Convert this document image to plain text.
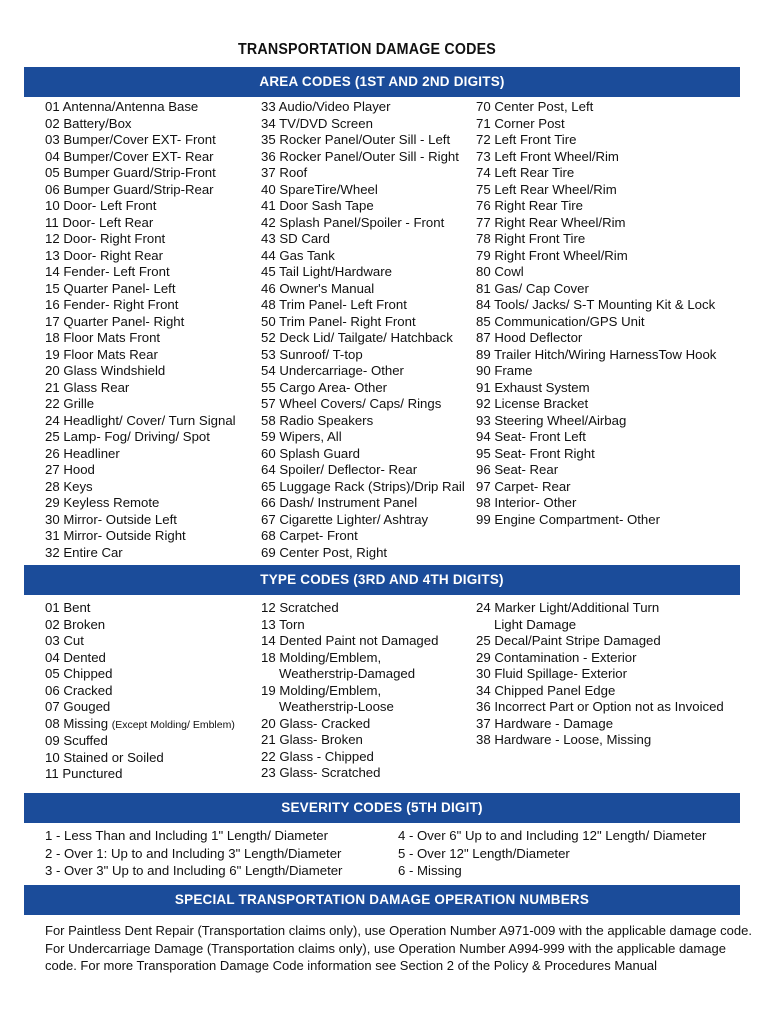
TRANSPORTATION DAMAGE CODES
AREA CODES (1ST AND 2ND DIGITS)
01 Antenna/Antenna Base
02 Battery/Box
03 Bumper/Cover EXT- Front
04 Bumper/Cover EXT- Rear
05 Bumper Guard/Strip-Front
06 Bumper Guard/Strip-Rear
10 Door- Left Front
11 Door- Left Rear
12 Door- Right Front
13 Door- Right Rear
14 Fender- Left Front
15 Quarter Panel- Left
16 Fender- Right Front
17 Quarter Panel- Right
18 Floor Mats Front
19 Floor Mats Rear
20 Glass Windshield
21 Glass Rear
22 Grille
24 Headlight/ Cover/ Turn Signal
25 Lamp- Fog/ Driving/ Spot
26 Headliner
27 Hood
28 Keys
29 Keyless Remote
30 Mirror- Outside Left
31 Mirror- Outside Right
32 Entire Car
33 Audio/Video Player
34 TV/DVD Screen
35 Rocker Panel/Outer Sill - Left
36 Rocker Panel/Outer Sill - Right
37 Roof
40 SpareTire/Wheel
41 Door Sash Tape
42 Splash Panel/Spoiler - Front
43 SD Card
44 Gas Tank
45 Tail Light/Hardware
46 Owner's Manual
48 Trim Panel- Left Front
50 Trim Panel- Right Front
52 Deck Lid/ Tailgate/ Hatchback
53 Sunroof/ T-top
54 Undercarriage- Other
55 Cargo Area- Other
57 Wheel Covers/ Caps/ Rings
58 Radio Speakers
59 Wipers, All
60 Splash Guard
64 Spoiler/ Deflector- Rear
65 Luggage Rack (Strips)/Drip Rail
66 Dash/ Instrument Panel
67 Cigarette Lighter/ Ashtray
68 Carpet- Front
69 Center Post, Right
70 Center Post, Left
71 Corner Post
72 Left Front Tire
73 Left Front Wheel/Rim
74 Left Rear Tire
75 Left Rear Wheel/Rim
76 Right Rear Tire
77 Right Rear Wheel/Rim
78 Right Front Tire
79 Right Front Wheel/Rim
80 Cowl
81 Gas/ Cap Cover
84 Tools/ Jacks/ S-T Mounting Kit & Lock
85 Communication/GPS Unit
87 Hood Deflector
89 Trailer Hitch/Wiring HarnessTow Hook
90 Frame
91 Exhaust System
92 License Bracket
93 Steering Wheel/Airbag
94 Seat- Front Left
95 Seat- Front Right
96 Seat- Rear
97 Carpet- Rear
98 Interior- Other
99 Engine Compartment- Other
TYPE CODES (3RD AND 4TH DIGITS)
01 Bent
02 Broken
03 Cut
04 Dented
05 Chipped
06 Cracked
07 Gouged
08 Missing (Except Molding/ Emblem)
09 Scuffed
10 Stained or Soiled
11 Punctured
12 Scratched
13 Torn
14 Dented Paint not Damaged
18 Molding/Emblem,
Weatherstrip-Damaged
19 Molding/Emblem,
Weatherstrip-Loose
20 Glass- Cracked
21 Glass- Broken
22 Glass - Chipped
23 Glass- Scratched
24 Marker Light/Additional Turn
Light Damage
25 Decal/Paint Stripe Damaged
29 Contamination - Exterior
30 Fluid Spillage- Exterior
34 Chipped Panel Edge
36 Incorrect Part or Option not as Invoiced
37 Hardware - Damage
38 Hardware - Loose, Missing
SEVERITY CODES (5TH DIGIT)
1 - Less Than and Including 1" Length/ Diameter
2 - Over 1: Up to and Including 3" Length/Diameter
3 - Over 3" Up to and Including 6" Length/Diameter
4 - Over 6" Up to and Including 12" Length/ Diameter
5 - Over 12" Length/Diameter
6 - Missing
SPECIAL TRANSPORTATION DAMAGE OPERATION NUMBERS
For Paintless Dent Repair (Transportation claims only), use Operation Number A971-009 with the applicable damage code.
For Undercarriage Damage (Transportation claims only), use Operation Number A994-999 with the applicable damage
code. For more Transporation Damage Code information see Section 2 of the Policy & Procedures Manual
